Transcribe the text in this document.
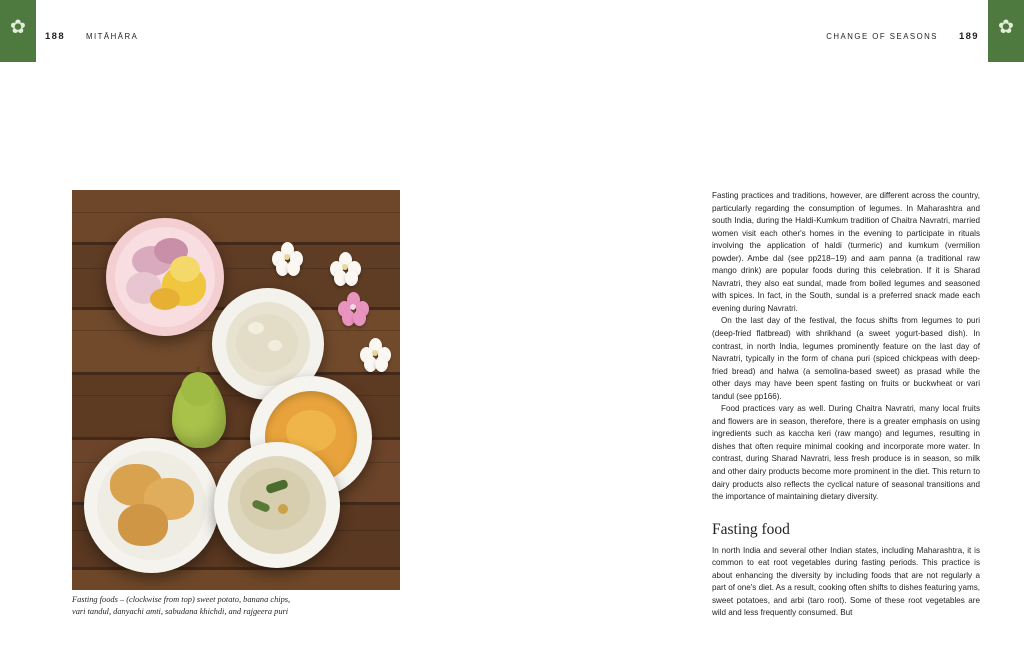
✿	✿
188	MITĀHĀRA	CHANGE OF SEASONS 189
Fasting foods – (clockwise from top) sweet potato, banana chips,
vari tandul, danyachi amti, sabudana khichdi, and rajgeera puri

Fasting practices and traditions, however, are different across the country, particularly regarding the consumption of legumes. In Maharashtra and south India, during the Haldi-Kumkum tradition of Chaitra Navratri, married women visit each other's homes in the evening to participate in rituals involving the application of haldi (turmeric) and kumkum (vermilion powder). Ambe dal (see pp218–19) and aam panna (a traditional raw mango drink) are popular foods during this celebration. If it is Sharad Navratri, they also eat sundal, made from boiled legumes and seasoned with spices. In fact, in the South, sundal is a preferred snack made each evening during Navratri.

On the last day of the festival, the focus shifts from legumes to puri (deep-fried flatbread) with shrikhand (a sweet yogurt-based dish). In contrast, in north India, legumes prominently feature on the last day of Navratri, typically in the form of chana puri (spiced chickpeas with deep-fried bread) and halwa (a semolina-based sweet) as prasad while the other days may have been spent fasting on fruits or buckwheat or vari tandul (see pp166).

Food practices vary as well. During Chaitra Navratri, many local fruits and flowers are in season, therefore, there is a greater emphasis on using ingredients such as kaccha keri (raw mango) and legumes, resulting in dishes that often require minimal cooking and incorporate more water. In contrast, during Sharad Navratri, less fresh produce is in season, so milk and other dairy products become more prominent in the diet. This return to dairy products also reflects the cyclical nature of seasonal transitions and the importance of maintaining dietary diversity.

Fasting food

In north India and several other Indian states, including Maharashtra, it is common to eat root vegetables during fasting periods. This practice is about enhancing the diversity by including foods that are not regularly a part of one's diet. As a result, cooking often shifts to dishes featuring yams, sweet potatoes, and arbi (taro root). Some of these root vegetables are wild and less frequently consumed. But
